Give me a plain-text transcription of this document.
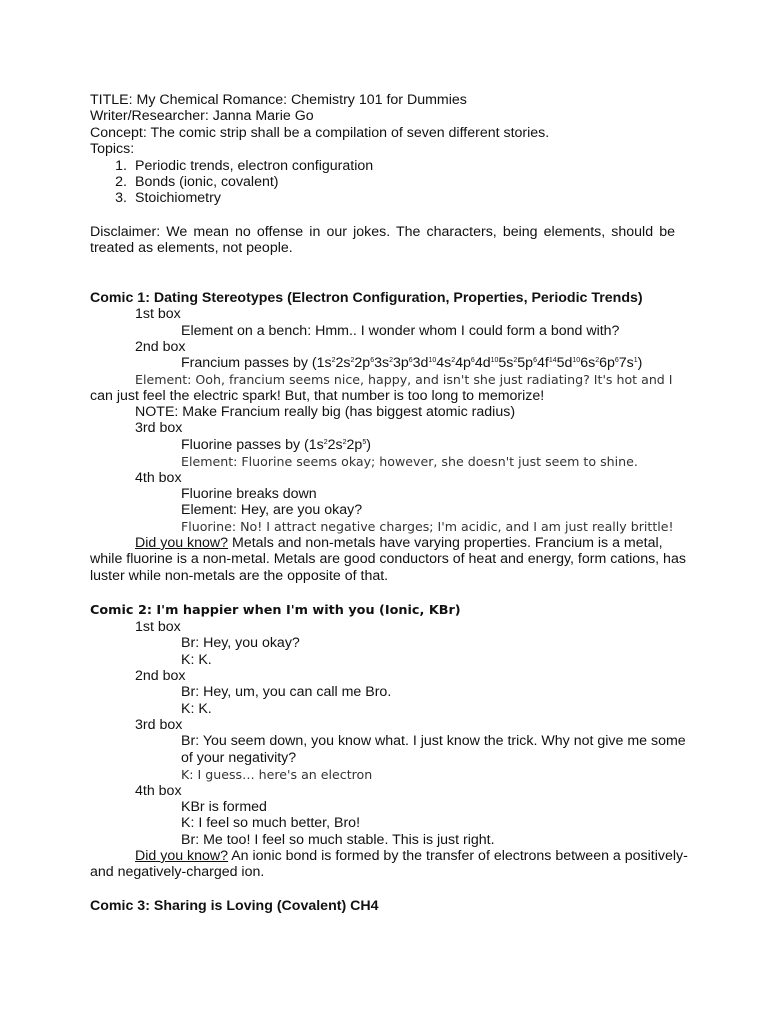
TITLE: My Chemical Romance: Chemistry 101 for Dummies
Writer/Researcher: Janna Marie Go
Concept: The comic strip shall be a compilation of seven different stories.
Topics:
1. Periodic trends, electron configuration
2. Bonds (ionic, covalent)
3. Stoichiometry
Disclaimer: We mean no offense in our jokes. The characters, being elements, should be
treated as elements, not people.
Comic 1: Dating Stereotypes (Electron Configuration, Properties, Periodic Trends)
1st box
Element on a bench: Hmm.. I wonder whom I could form a bond with?
2nd box
Francium passes by $(1s^22s^22p^63s^23p^63d^{10}4s^24p^64d^{10}5s^25p^64f^{14}5d^{10}6s^26p^67s^1)$
Element: Ooh, francium seems nice, happy, and isn't she just radiating? It's hot and I
can just feel the electric spark! But, that number is too long to memorize!
NOTE: Make Francium really big (has biggest atomic radius)
3rd box
Fluorine passes by $(1s^22s^22p^5)$
Element: Fluorine seems okay; however, she doesn't just seem to shine.
4th box
Fluorine breaks down
Element: Hey, are you okay?
Fluorine: No! I attract negative charges; I'm acidic, and I am just really brittle!
Did you know? Metals and non-metals have varying properties. Francium is a metal,
while fluorine is a non-metal. Metals are good conductors of heat and energy, form cations, has
luster while non-metals are the opposite of that.
Comic 2: I'm happier when I'm with you (Ionic, KBr)
1st box
Br: Hey, you okay?
K: K.
2nd box
Br: Hey, um, you can call me Bro.
K: K.
3rd box
Br: You seem down, you know what. I just know the trick. Why not give me some
of your negativity?
K: I guess… here's an electron
4th box
KBr is formed
K: I feel so much better, Bro!
Br: Me too! I feel so much stable. This is just right.
Did you know? An ionic bond is formed by the transfer of electrons between a positively-
and negatively-charged ion.
Comic 3: Sharing is Loving (Covalent) CH4
